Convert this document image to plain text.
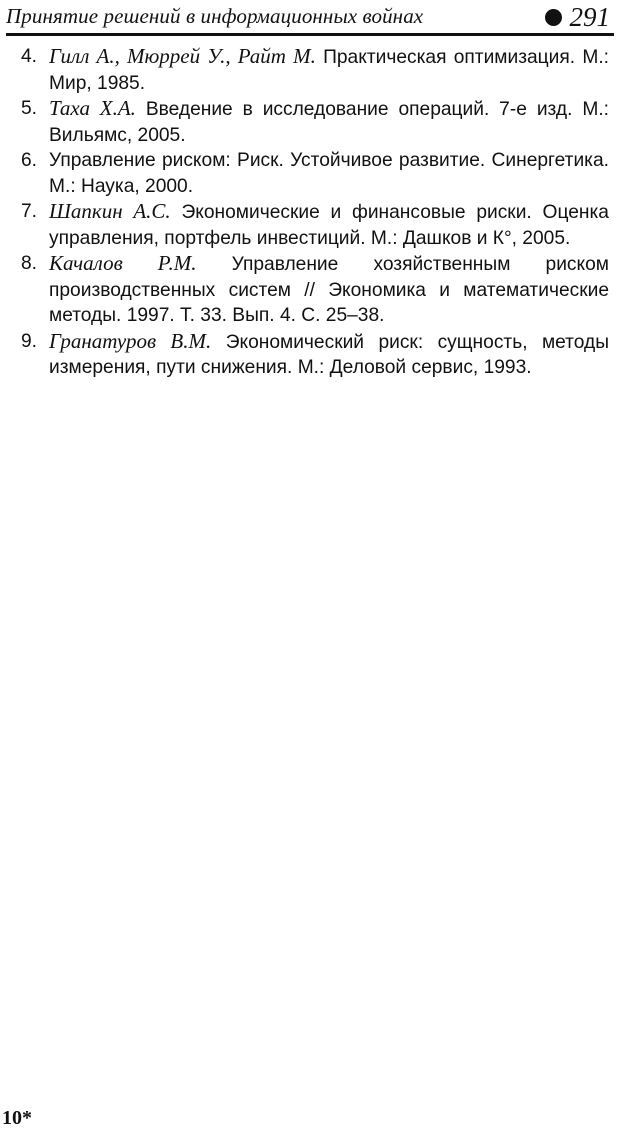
Принятие решений в информационных войнах	291
4. Гилл А., Мюррей У., Райт М. Практическая оптимизация. М.: Мир, 1985.
5. Таха Х.А. Введение в исследование операций. 7-е изд. М.: Вильямс, 2005.
6. Управление риском: Риск. Устойчивое развитие. Синергетика. М.: Наука, 2000.
7. Шапкин А.С. Экономические и финансовые риски. Оценка управления, портфель инвестиций. М.: Дашков и К°, 2005.
8. Качалов Р.М. Управление хозяйственным риском производственных систем // Экономика и математические методы. 1997. Т. 33. Вып. 4. С. 25–38.
9. Гранатуров В.М. Экономический риск: сущность, методы измерения, пути снижения. М.: Деловой сервис, 1993.
10*
